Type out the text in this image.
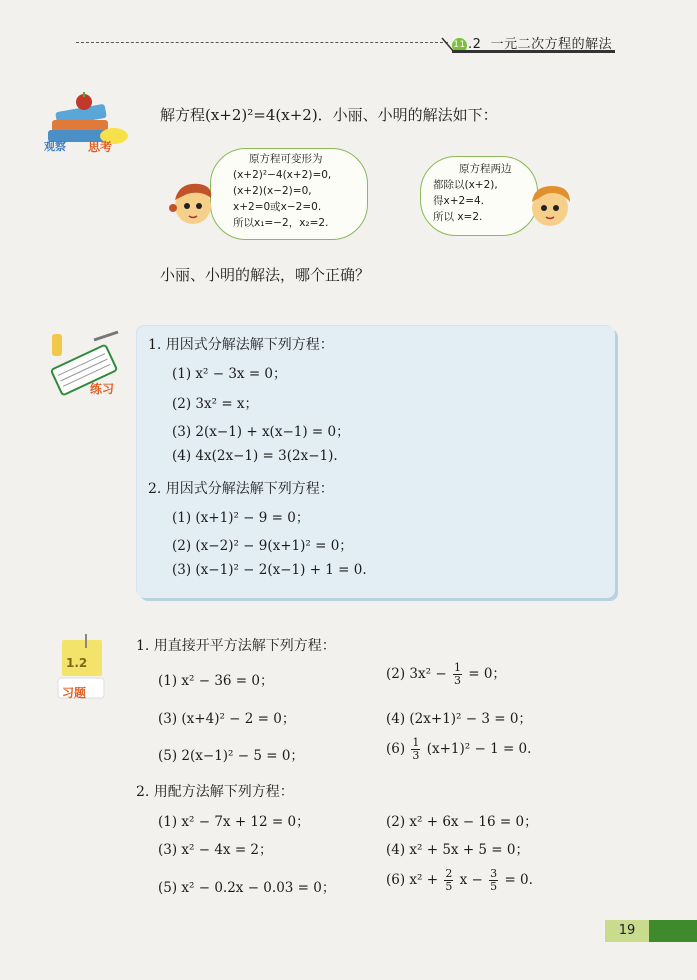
11 .2 一元二次方程的解法
观察 思考
解方程(x+2)²=4(x+2)．小丽、小明的解法如下：
原方程可变形为
(x+2)²−4(x+2)=0,
(x+2)(x−2)=0,
x+2=0或x−2=0.
所以x₁=−2，x₂=2.
原方程两边
都除以(x+2),
得x+2=4.
所以 x=2.
小丽、小明的解法，哪个正确？
练习
1. 用因式分解法解下列方程：
(1) x² − 3x = 0；
(2) 3x² = x；
(3) 2(x−1) + x(x−1) = 0；
(4) 4x(2x−1) = 3(2x−1).
2. 用因式分解法解下列方程：
(1) (x+1)² − 9 = 0；
(2) (x−2)² − 9(x+1)² = 0；
(3) (x−1)² − 2(x−1) + 1 = 0.
1.2
习题
1. 用直接开平方法解下列方程：
(1) x² − 36 = 0；	(2) $3x^2 - \frac{1}{3} = 0$；
(3) (x+4)² − 2 = 0；	(4) (2x+1)² − 3 = 0；
(5) 2(x−1)² − 5 = 0；	$(6) \frac{1}{3} (x+1)^2 - 1 = 0$.
2. 用配方法解下列方程：
(1) x² − 7x + 12 = 0；	(2) x² + 6x − 16 = 0；
(3) x² − 4x = 2；	(4) x² + 5x + 5 = 0；
(5) x² − 0.2x − 0.03 = 0；	(6) $x^2 + \frac{2}{5}$ $x - \frac{3}{5} = 0$.
19
